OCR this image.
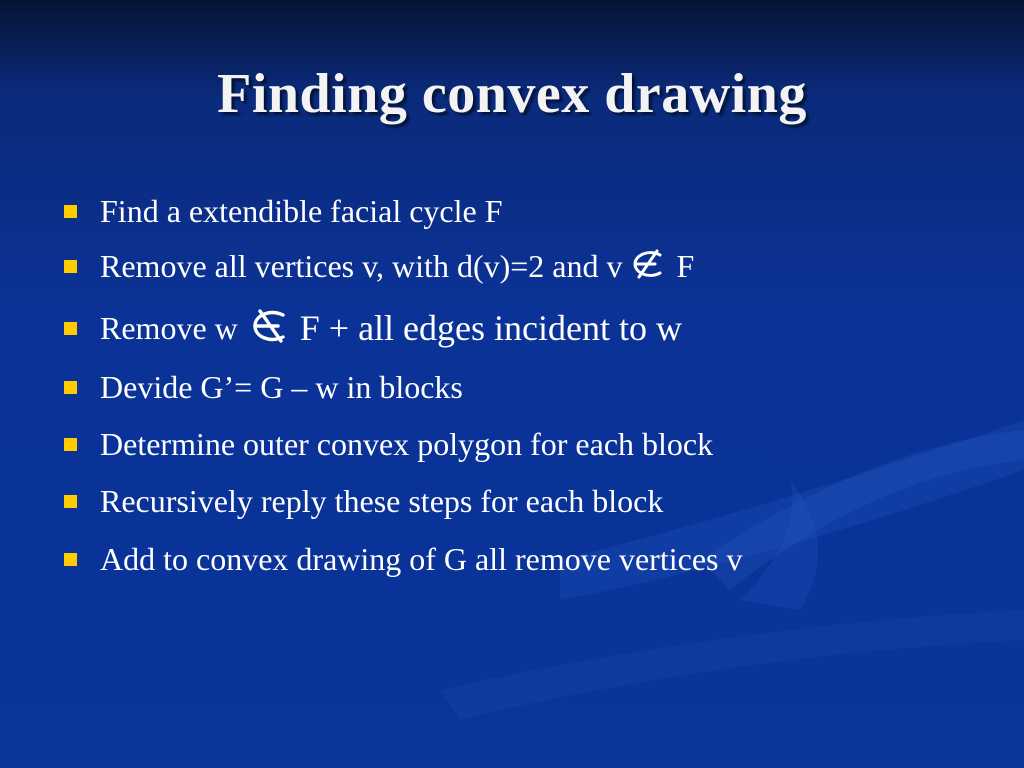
Finding convex drawing
Find a extendible facial cycle F
Remove all vertices v, with d(v)=2 and v F
Remove w F + all edges incident to w
Devide G’= G – w in blocks
Determine outer convex polygon for each block
Recursively reply these steps for each block
Add to convex drawing of G all remove vertices v
